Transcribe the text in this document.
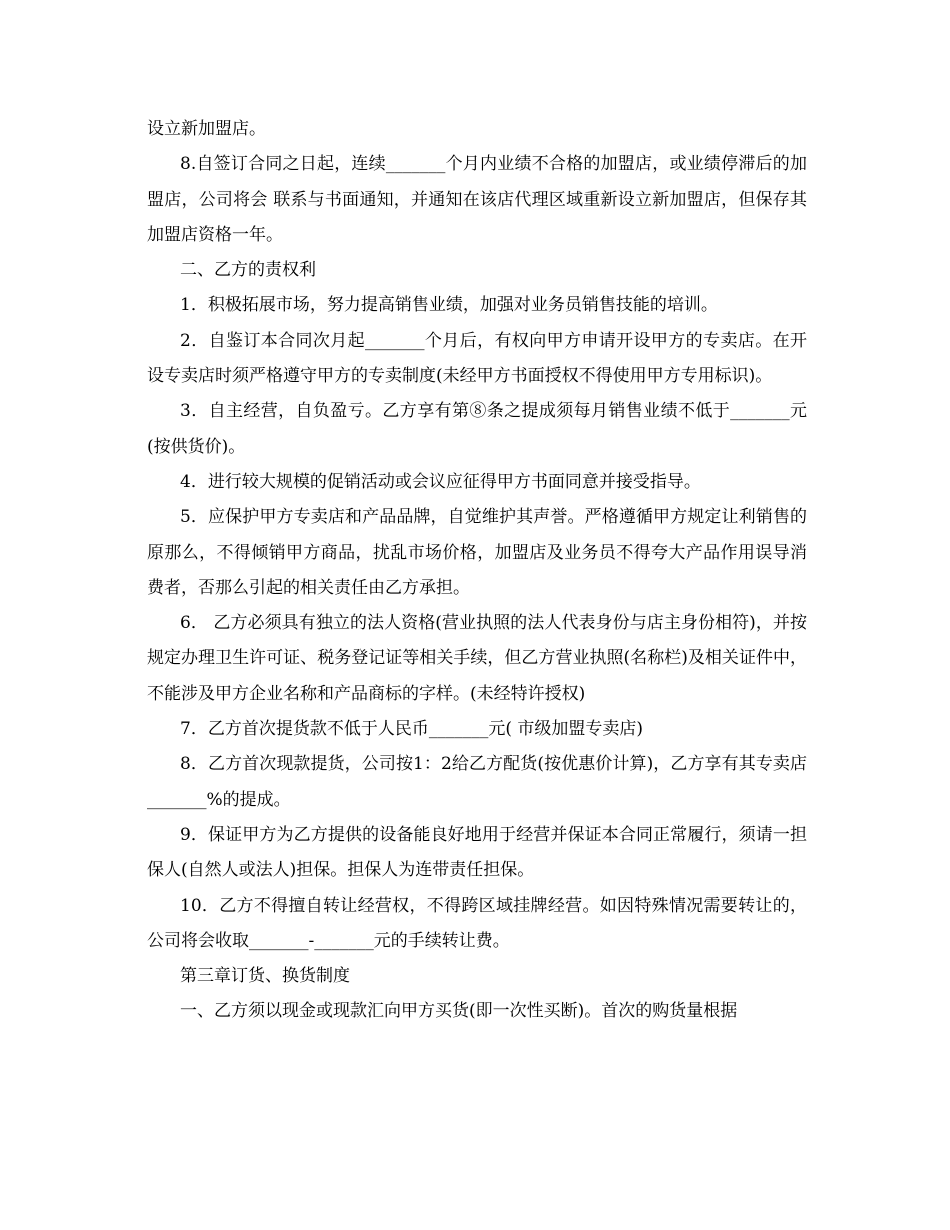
设立新加盟店。

8.自签订合同之日起，连续_______个月内业绩不合格的加盟店，或业绩停滞后的加盟店，公司将会 联系与书面通知，并通知在该店代理区域重新设立新加盟店，但保存其加盟店资格一年。

二、乙方的责权利

1．积极拓展市场，努力提高销售业绩，加强对业务员销售技能的培训。

2．自鉴订本合同次月起_______个月后，有权向甲方申请开设甲方的专卖店。在开设专卖店时须严格遵守甲方的专卖制度(未经甲方书面授权不得使用甲方专用标识)。

3．自主经营，自负盈亏。乙方享有第⑧条之提成须每月销售业绩不低于_______元(按供货价)。

4．进行较大规模的促销活动或会议应征得甲方书面同意并接受指导。

5．应保护甲方专卖店和产品品牌，自觉维护其声誉。严格遵循甲方规定让利销售的原那么，不得倾销甲方商品，扰乱市场价格，加盟店及业务员不得夸大产品作用误导消费者，否那么引起的相关责任由乙方承担。

6． 乙方必须具有独立的法人资格(营业执照的法人代表身份与店主身份相符)，并按规定办理卫生许可证、税务登记证等相关手续，但乙方营业执照(名称栏)及相关证件中，不能涉及甲方企业名称和产品商标的字样。(未经特许授权)

7．乙方首次提货款不低于人民币_______元( 市级加盟专卖店)

8．乙方首次现款提货，公司按1：2给乙方配货(按优惠价计算)，乙方享有其专卖店_______%的提成。

9．保证甲方为乙方提供的设备能良好地用于经营并保证本合同正常履行，须请一担保人(自然人或法人)担保。担保人为连带责任担保。

10．乙方不得擅自转让经营权，不得跨区域挂牌经营。如因特殊情况需要转让的，公司将会收取_______-_______元的手续转让费。

第三章订货、换货制度

一、乙方须以现金或现款汇向甲方买货(即一次性买断)。首次的购货量根据
